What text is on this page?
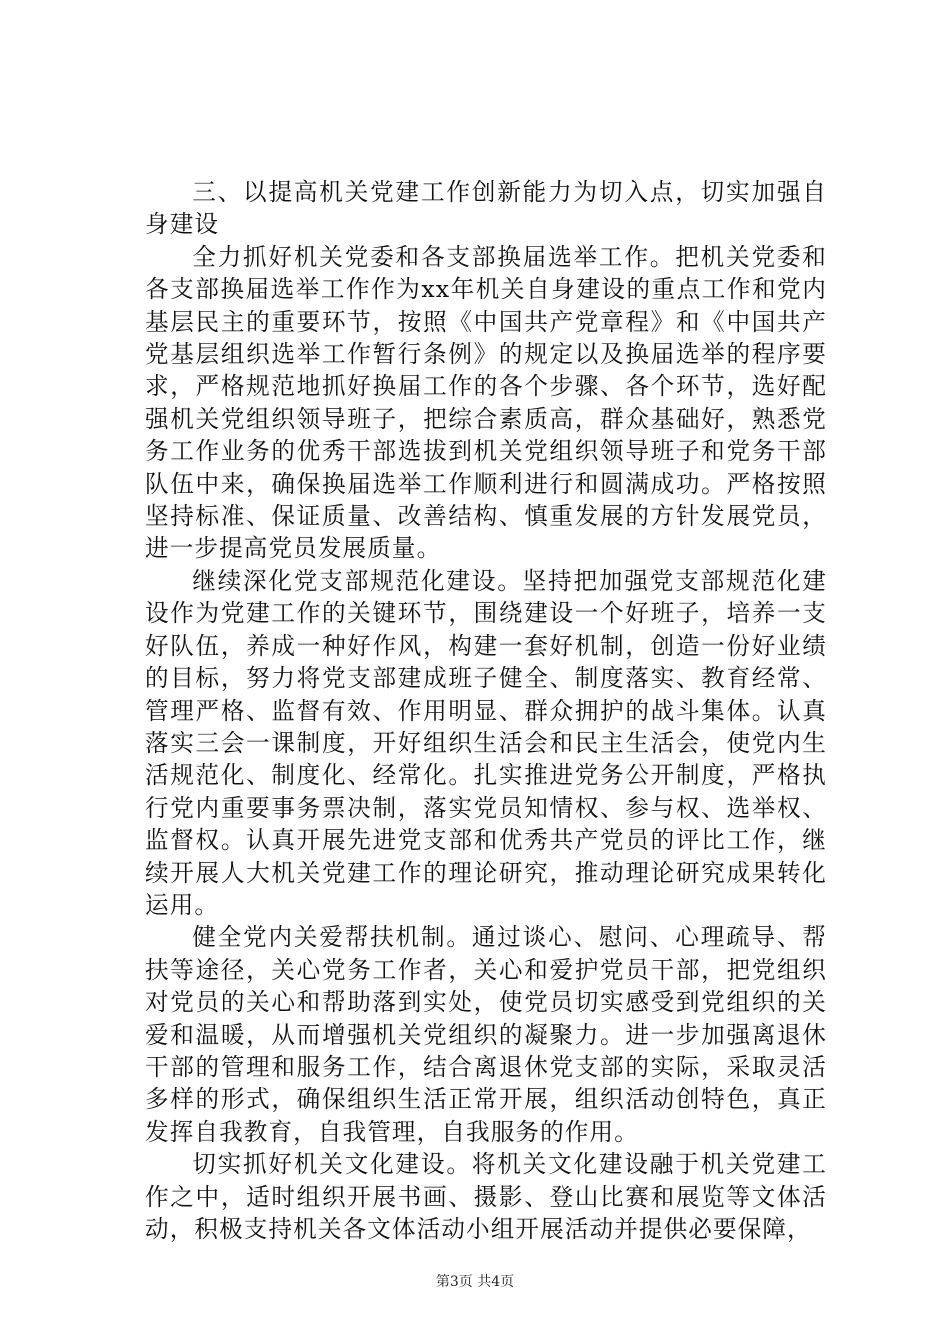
三、以提高机关党建工作创新能力为切入点，切实加强自身建设

全力抓好机关党委和各支部换届选举工作。把机关党委和各支部换届选举工作作为xx年机关自身建设的重点工作和党内基层民主的重要环节，按照《中国共产党章程》和《中国共产党基层组织选举工作暂行条例》的规定以及换届选举的程序要求，严格规范地抓好换届工作的各个步骤、各个环节，选好配强机关党组织领导班子，把综合素质高，群众基础好，熟悉党务工作业务的优秀干部选拔到机关党组织领导班子和党务干部队伍中来，确保换届选举工作顺利进行和圆满成功。严格按照坚持标准、保证质量、改善结构、慎重发展的方针发展党员，进一步提高党员发展质量。

继续深化党支部规范化建设。坚持把加强党支部规范化建设作为党建工作的关键环节，围绕建设一个好班子，培养一支好队伍，养成一种好作风，构建一套好机制，创造一份好业绩的目标，努力将党支部建成班子健全、制度落实、教育经常、管理严格、监督有效、作用明显、群众拥护的战斗集体。认真落实三会一课制度，开好组织生活会和民主生活会，使党内生活规范化、制度化、经常化。扎实推进党务公开制度，严格执行党内重要事务票决制，落实党员知情权、参与权、选举权、监督权。认真开展先进党支部和优秀共产党员的评比工作，继续开展人大机关党建工作的理论研究，推动理论研究成果转化运用。

健全党内关爱帮扶机制。通过谈心、慰问、心理疏导、帮扶等途径，关心党务工作者，关心和爱护党员干部，把党组织对党员的关心和帮助落到实处，使党员切实感受到党组织的关爱和温暖，从而增强机关党组织的凝聚力。进一步加强离退休干部的管理和服务工作，结合离退休党支部的实际，采取灵活多样的形式，确保组织生活正常开展，组织活动创特色，真正发挥自我教育，自我管理，自我服务的作用。

切实抓好机关文化建设。将机关文化建设融于机关党建工作之中，适时组织开展书画、摄影、登山比赛和展览等文体活动，积极支持机关各文体活动小组开展活动并提供必要保障，

第3页 共4页
